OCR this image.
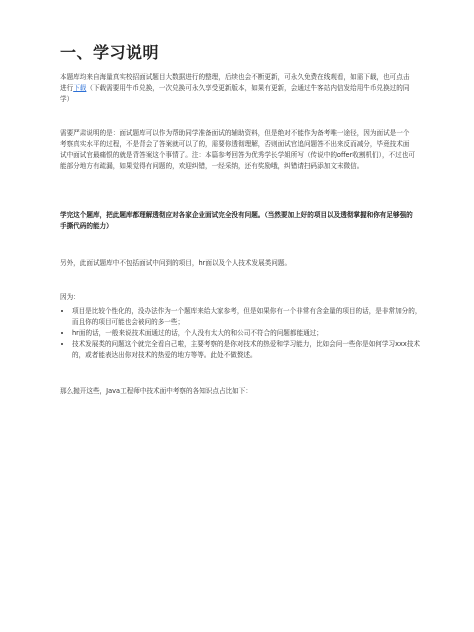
一、学习说明

本题库均来自海量真实校招面试题目大数据进行的整理，后续也会不断更新，可永久免费在线观看，如需下载，也可点击进行下载（下载需要用牛币兑换，一次兑换可永久享受更新版本，如果有更新，会通过牛客站内信发给用牛币兑换过的同学）

需要严肃说明的是：面试题库可以作为帮助同学准备面试的辅助资料，但是绝对不能作为备考唯一途径，因为面试是一个考察真实水平的过程，不是背会了答案就可以了的，需要你透彻理解，否则面试官追问题答不出来反而减分，毕竟技术面试中面试官最痛恨的就是背答案这个事情了。注：本篇参考回答为优秀学长学姐所写（传说中的offer收割机们），不过也可能部分地方有疏漏，如果觉得有问题的，欢迎纠错，一经采纳，还有奖励哦，纠错请扫码添加文末微信。

学完这个题库，把此题库都理解透彻应对各家企业面试完全没有问题。（当然要加上好的项目以及透彻掌握和你有足够强的手撕代码的能力）

另外，此面试题库中不包括面试中问到的项目，hr面以及个人技术发展类问题。

因为：

• 项目是比较个性化的，没办法作为一个题库来给大家参考，但是如果你有一个非常有含金量的项目的话，是非常加分的，而且你的项目可能也会被问的多一些；
• hr面的话，一般来说技术面通过的话，个人没有太大的和公司不符合的问题都能通过；
• 技术发展类的问题这个就完全看自己啦，主要考察的是你对技术的热爱和学习能力，比如会问一些你是如何学习xxx技术的，或者能表达出你对技术的热爱的地方等等。此处不做赘述。

那么抛开这些，Java工程师中技术面中考察的各知识点占比如下：
